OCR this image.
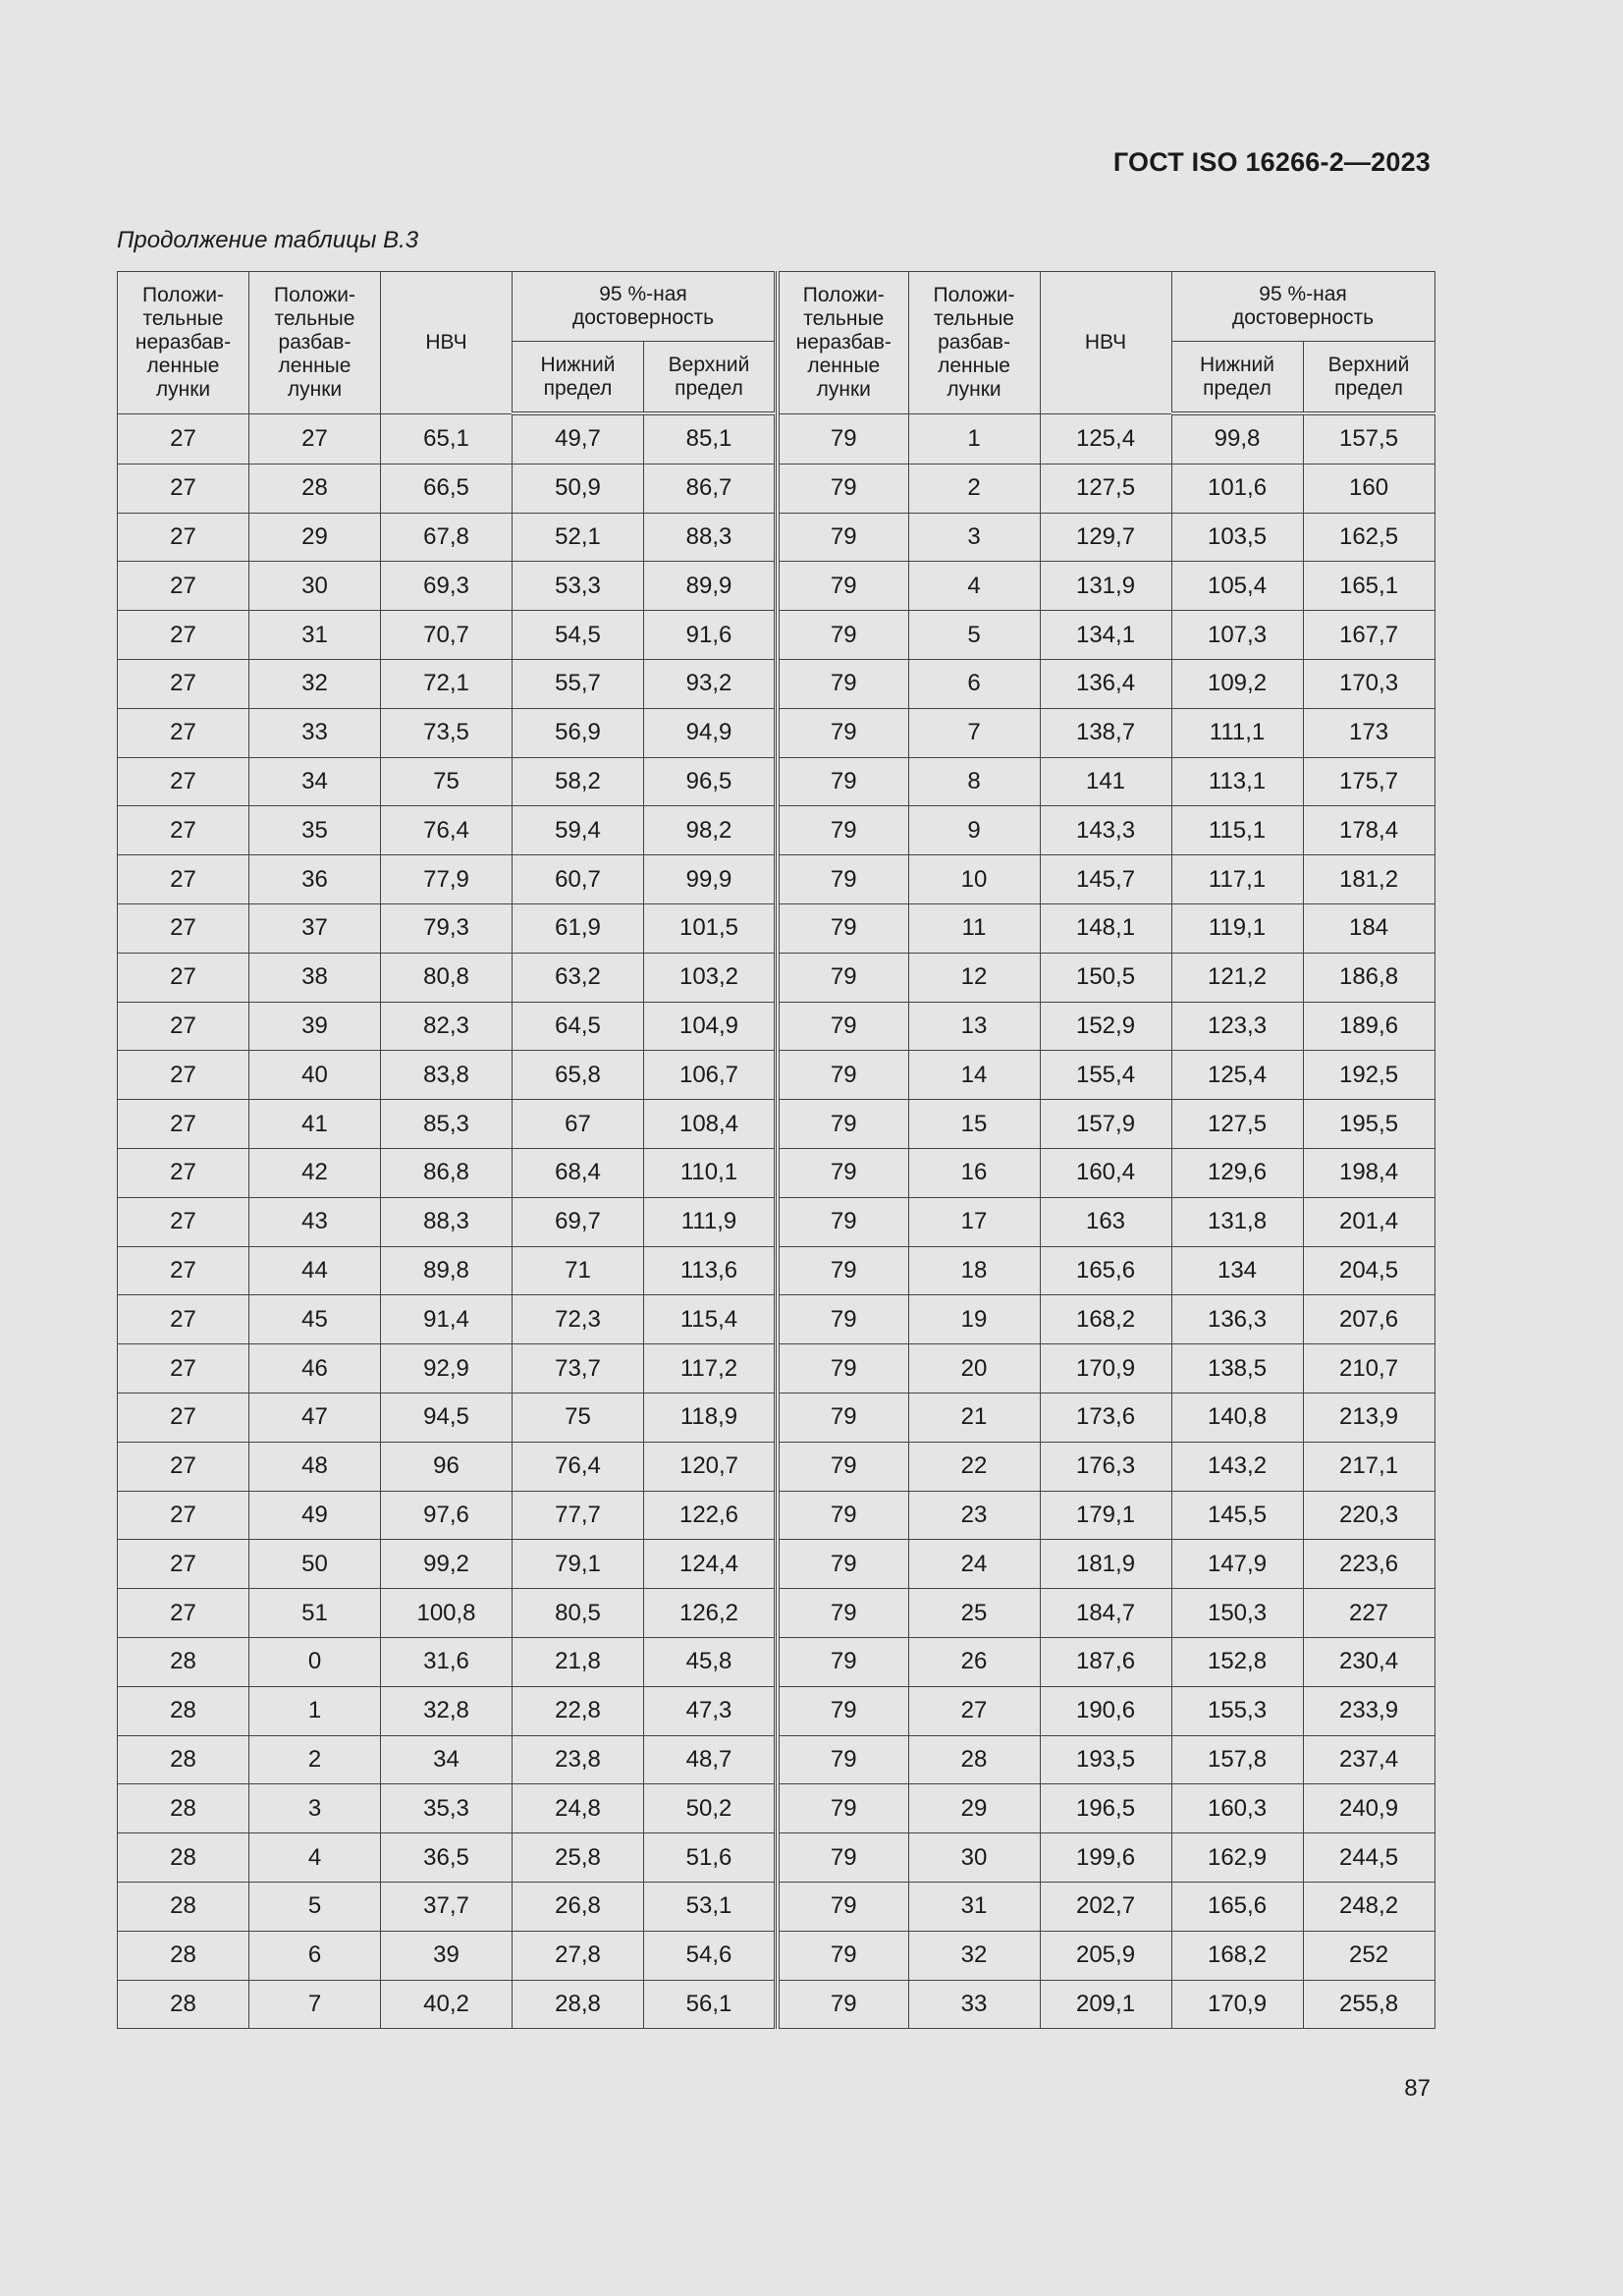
ГОСТ ISO 16266-2—2023
Продолжение таблицы В.3
Положи-
тельные
неразбав-
ленные
лунки	Положи-
тельные
разбав-
ленные
лунки	НВЧ	95 %-ная
достоверность	
			Нижний
предел	Верхний
предел
27	27	65,1	49,7	85,1
27	28	66,5	50,9	86,7
27	29	67,8	52,1	88,3
27	30	69,3	53,3	89,9
27	31	70,7	54,5	91,6
27	32	72,1	55,7	93,2
27	33	73,5	56,9	94,9
27	34	75	58,2	96,5
27	35	76,4	59,4	98,2
27	36	77,9	60,7	99,9
27	37	79,3	61,9	101,5
27	38	80,8	63,2	103,2
27	39	82,3	64,5	104,9
27	40	83,8	65,8	106,7
27	41	85,3	67	108,4
27	42	86,8	68,4	110,1
27	43	88,3	69,7	111,9
27	44	89,8	71	113,6
27	45	91,4	72,3	115,4
27	46	92,9	73,7	117,2
27	47	94,5	75	118,9
27	48	96	76,4	120,7
27	49	97,6	77,7	122,6
27	50	99,2	79,1	124,4
27	51	100,8	80,5	126,2
28	0	31,6	21,8	45,8
28	1	32,8	22,8	47,3
28	2	34	23,8	48,7
28	3	35,3	24,8	50,2
28	4	36,5	25,8	51,6
28	5	37,7	26,8	53,1
28	6	39	27,8	54,6
28	7	40,2	28,8	56,1
Положи-
тельные
неразбав-
ленные
лунки	Положи-
тельные
разбав-
ленные
лунки	НВЧ	95 %-ная
достоверность	
			Нижний
предел	Верхний
предел
79	1	125,4	99,8	157,5
79	2	127,5	101,6	160
79	3	129,7	103,5	162,5
79	4	131,9	105,4	165,1
79	5	134,1	107,3	167,7
79	6	136,4	109,2	170,3
79	7	138,7	111,1	173
79	8	141	113,1	175,7
79	9	143,3	115,1	178,4
79	10	145,7	117,1	181,2
79	11	148,1	119,1	184
79	12	150,5	121,2	186,8
79	13	152,9	123,3	189,6
79	14	155,4	125,4	192,5
79	15	157,9	127,5	195,5
79	16	160,4	129,6	198,4
79	17	163	131,8	201,4
79	18	165,6	134	204,5
79	19	168,2	136,3	207,6
79	20	170,9	138,5	210,7
79	21	173,6	140,8	213,9
79	22	176,3	143,2	217,1
79	23	179,1	145,5	220,3
79	24	181,9	147,9	223,6
79	25	184,7	150,3	227
79	26	187,6	152,8	230,4
79	27	190,6	155,3	233,9
79	28	193,5	157,8	237,4
79	29	196,5	160,3	240,9
79	30	199,6	162,9	244,5
79	31	202,7	165,6	248,2
79	32	205,9	168,2	252
79	33	209,1	170,9	255,8
87
